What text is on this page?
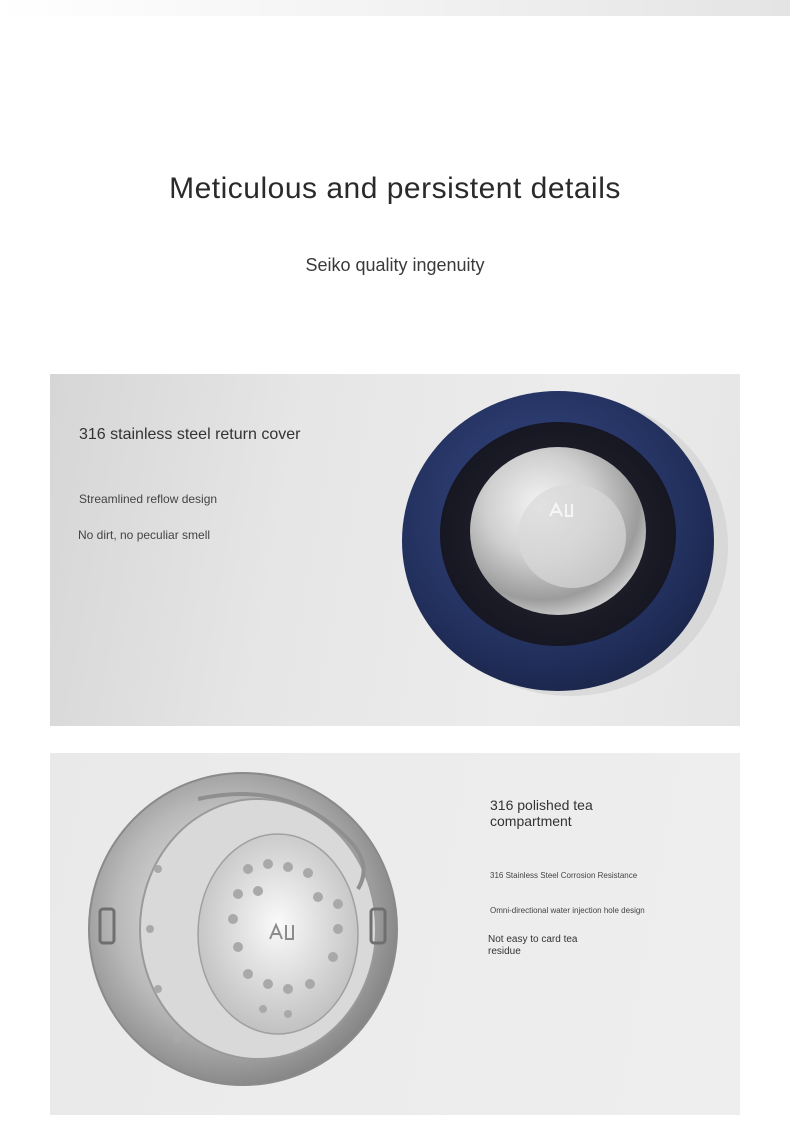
Meticulous and persistent details
Seiko quality ingenuity
316 stainless steel return cover
Streamlined reflow design
No dirt, no peculiar smell
316 polished tea compartment
316 Stainless Steel Corrosion Resistance
Omni-directional water injection hole design
Not easy to card tea residue
